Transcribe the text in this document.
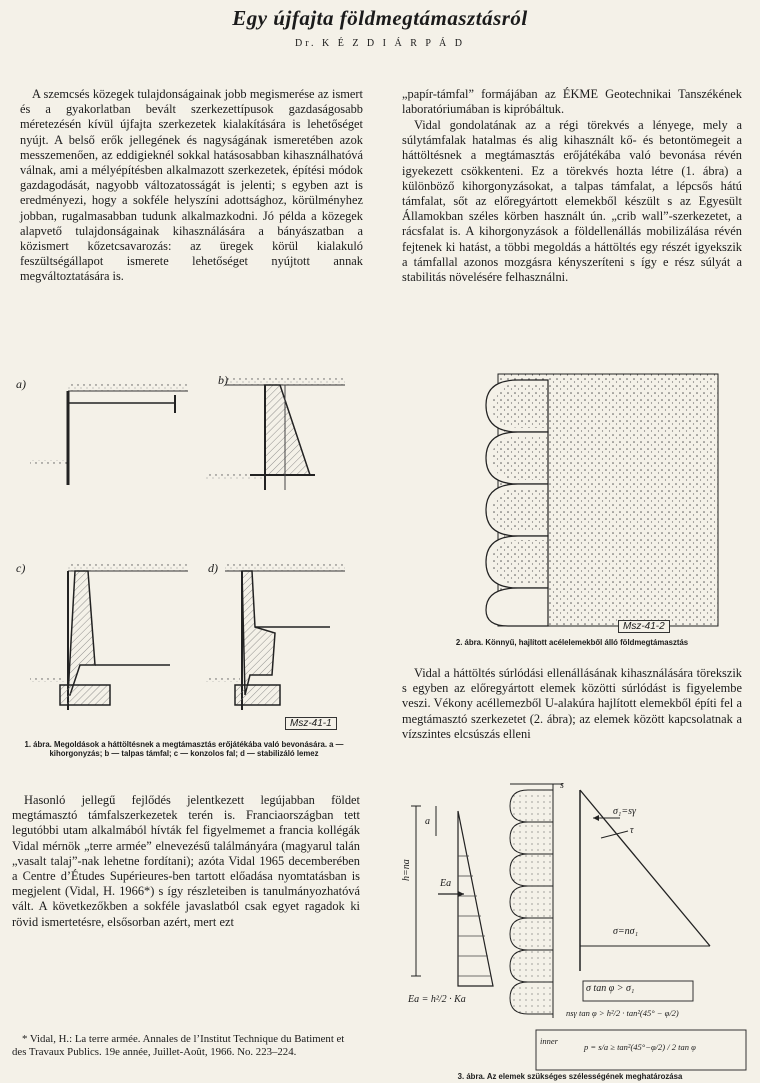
Egy újfajta földmegtámasztásról
Dr. K É Z D I Á R P Á D

A szemcsés közegek tulajdonságainak jobb megismerése az ismert és a gyakorlatban bevált szerkezettípusok gazdaságosabb méretezésén kívül újfajta szerkezetek kialakítására is lehetőséget nyújt. A belső erők jellegének és nagyságának ismeretében azok messzemenően, az eddigieknél sokkal hatásosabban kihasználhatóvá válnak, ami a mélyépítésben alkalmazott szerkezetek, építési módok gazdagodását, nagyobb változatosságát is jelenti; s egyben azt is eredményezi, hogy a sokféle helyszíni adottsághoz, körülményhez jobban, rugalmasabban tudunk alkalmazkodni. Jó példa a közegek alapvető tulajdonságainak kihasználására a bányászatban a közismert kőzetcsavarozás: az üregek körül kialakuló feszültségállapot ismerete lehetőséget nyújtott annak megváltoztatására is.

„papír-támfal” formájában az ÉKME Geotechnikai Tanszékének laboratóriumában is kipróbáltuk.

Vidal gondolatának az a régi törekvés a lényege, mely a súlytámfalak hatalmas és alig kihasznált kő- és betontömegeit a háttöltésnek a megtámasztás erőjátékába való bevonása révén igyekezett csökkenteni. Ez a törekvés hozta létre (1. ábra) a különböző kihorgonyzásokat, a talpas támfalat, a lépcsős hátú támfalat, sőt az előregyártott elemekből készült s az Egyesült Államokban széles körben használt ún. „crib wall”-szerkezetet, a rácsfalat is. A kihorgonyzások a földellenállás mobilizálása révén fejtenek ki hatást, a többi megoldás a háttöltés egy részét igyekszik a támfallal azonos mozgásra kényszeríteni s így e rész súlyát a stabilitás növelésére felhasználni.

a)	b)
c)	d)
Msz-41-1
1. ábra. Megoldások a háttöltésnek a megtámasztás erőjátékába való bevonására. a — kihorgonyzás; b — talpas támfal; c — konzolos fal; d — stabilizáló lemez

Hasonló jellegű fejlődés jelentkezett legújabban földet megtámasztó támfalszerkezetek terén is. Franciaországban tett legutóbbi utam alkalmából hívták fel figyelmemet a francia kollégák Vidal mérnök „terre armée” elnevezésű találmányára (magyarul talán „vasalt talaj”-nak lehetne fordítani); azóta Vidal 1965 decemberében a Centre d’Études Supérieures-ben tartott előadása nyomtatásban is megjelent (Vidal, H. 1966*) s így részleteiben is tanulmányozhatóvá vált. A következőkben a sokféle javaslatból csak egyet ragadok ki rövid ismertetésre, elsősorban azért, mert ezt

* Vidal, H.: La terre armée. Annales de l’Institut Technique du Batiment et des Travaux Publics. 19e année, Juillet-Août, 1966. No. 223–224.

Msz-41-2
2. ábra. Könnyű, hajlított acélelemekből álló földmegtámasztás

Vidal a háttöltés súrlódási ellenállásának kihasználására törekszik s egyben az előregyártott elemek közötti súrlódást is figyelembe veszi. Vékony acéllemezből U-alakúra hajlított elemekből építi fel a megtámasztó szerkezetet (2. ábra); az elemek között kapcsolatnak a vízszintes elcsúszás elleni

a
h=na
Ea
Ea = h²/2 · Ka
s
σ₁=sγ
τ
σ=nσ₁
σ tan φ > σ₁
nsγ tan φ > h²/2 · tan²(45° − φ/2)
inner
p = s/a ≥ tan²(45°−φ/2) / 2 tan φ
3. ábra. Az elemek szükséges szélességének meghatározása
